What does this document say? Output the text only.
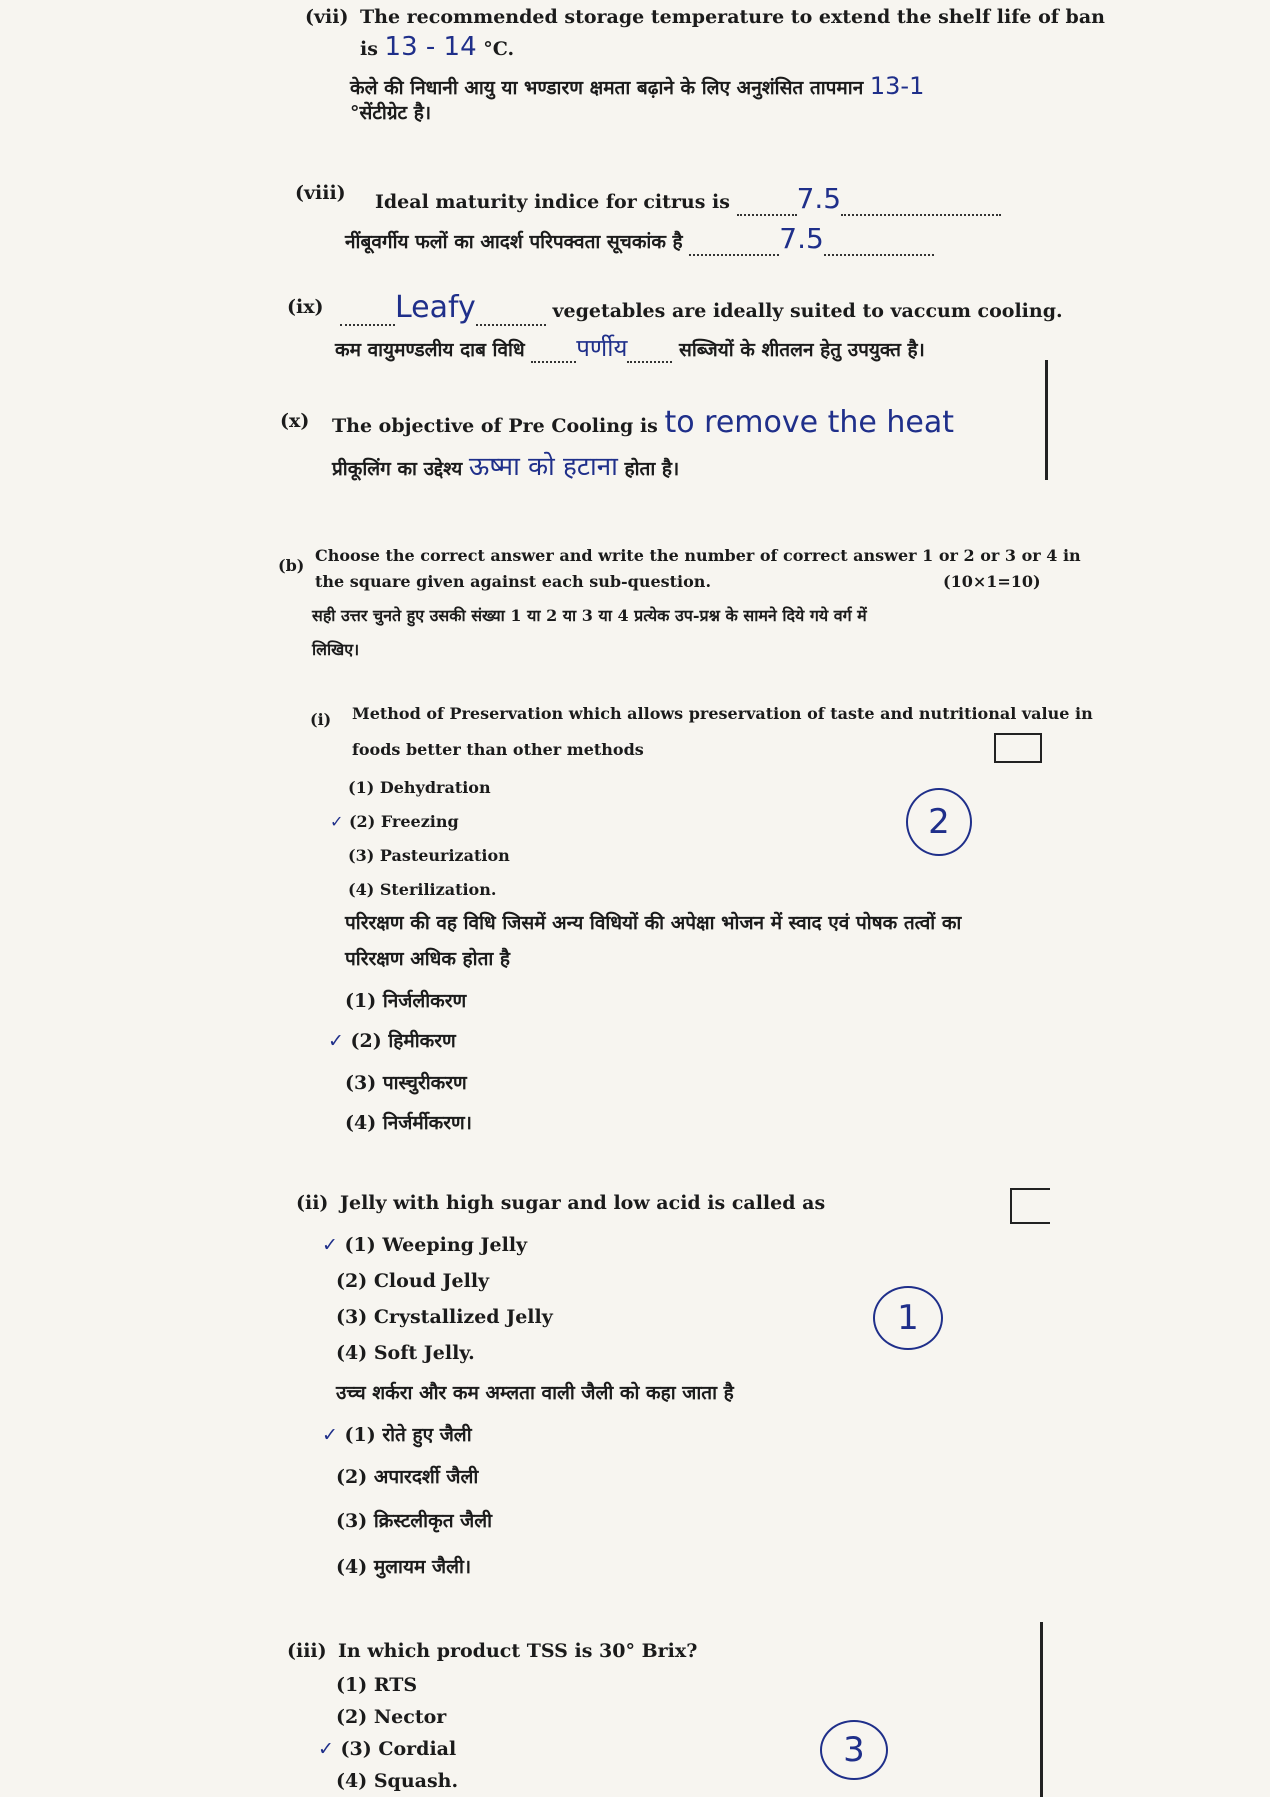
(vii) The recommended storage temperature to extend the shelf life of ban
is 13 - 14 °C.
केले की निधानी आयु या भण्डारण क्षमता बढ़ाने के लिए अनुशंसित तापमान 13-1
°सेंटीग्रेट है।
(viii) Ideal maturity indice for citrus is 7.5
नींबूवर्गीय फलों का आदर्श परिपक्वता सूचकांक है	7.5
(ix)	Leafy	vegetables are ideally suited to vaccum cooling.
कम वायुमण्डलीय दाब विधि पर्णीय	सब्जियों के शीतलन हेतु उपयुक्त है।
(x) The objective of Pre Cooling is to remove the heat
प्रीकूलिंग का उद्देश्य ऊष्मा को हटाना होता है।
(b)
Choose the correct answer and write the number of correct answer 1 or 2 or 3 or 4 in
the square given against each sub-question.	(10×1=10)
सही उत्तर चुनते हुए उसकी संख्या 1 या 2 या 3 या 4 प्रत्येक उप-प्रश्न के सामने दिये गये वर्ग में
लिखिए।
(i) Method of Preservation which allows preservation of taste and nutritional value in
foods better than other methods
(1) Dehydration
✓ (2) Freezing
(3) Pasteurization
(4) Sterilization.
2
परिरक्षण की वह विधि जिसमें अन्य विधियों की अपेक्षा भोजन में स्वाद एवं पोषक तत्वों का
परिरक्षण अधिक होता है
(1) निर्जलीकरण
✓ (2) हिमीकरण
(3) पास्चुरीकरण
(4) निर्जर्मीकरण।
(ii) Jelly with high sugar and low acid is called as
✓ (1) Weeping Jelly
(2) Cloud Jelly
(3) Crystallized Jelly
(4) Soft Jelly.
1
उच्च शर्करा और कम अम्लता वाली जैली को कहा जाता है
✓ (1) रोते हुए जैली
(2) अपारदर्शी जैली
(3) क्रिस्टलीकृत जैली
(4) मुलायम जैली।
(iii) In which product TSS is 30° Brix?
(1) RTS
(2) Nector
✓ (3) Cordial
(4) Squash.
3
